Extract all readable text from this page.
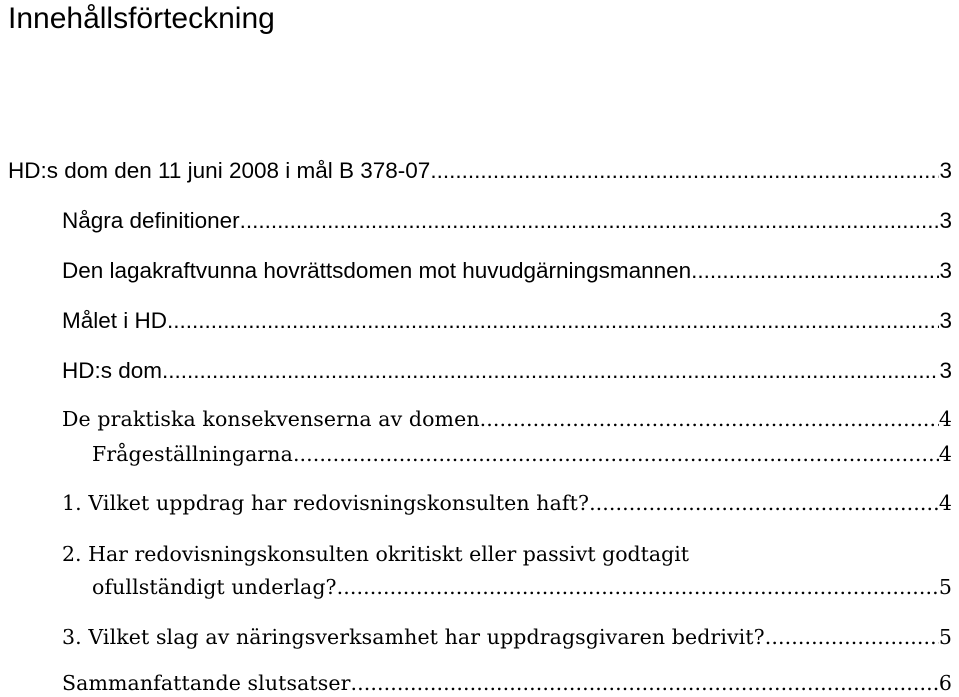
Innehållsförteckning
HD:s dom den 11 juni 2008 i mål B 378-07 .....	3
Några definitioner .....	3
Den lagakraftvunna hovrättsdomen mot huvudgärningsmannen .....	3
Målet i HD .....	3
HD:s dom .....	3
De praktiska konsekvenserna av domen .....	4
Frågeställningarna .....	4
1. Vilket uppdrag har redovisningskonsulten haft? .....	4
2. Har redovisningskonsulten okritiskt eller passivt godtagit
ofullständigt underlag? .....	5
3. Vilket slag av näringsverksamhet har uppdragsgivaren bedrivit? .....	5
Sammanfattande slutsatser .....	6
